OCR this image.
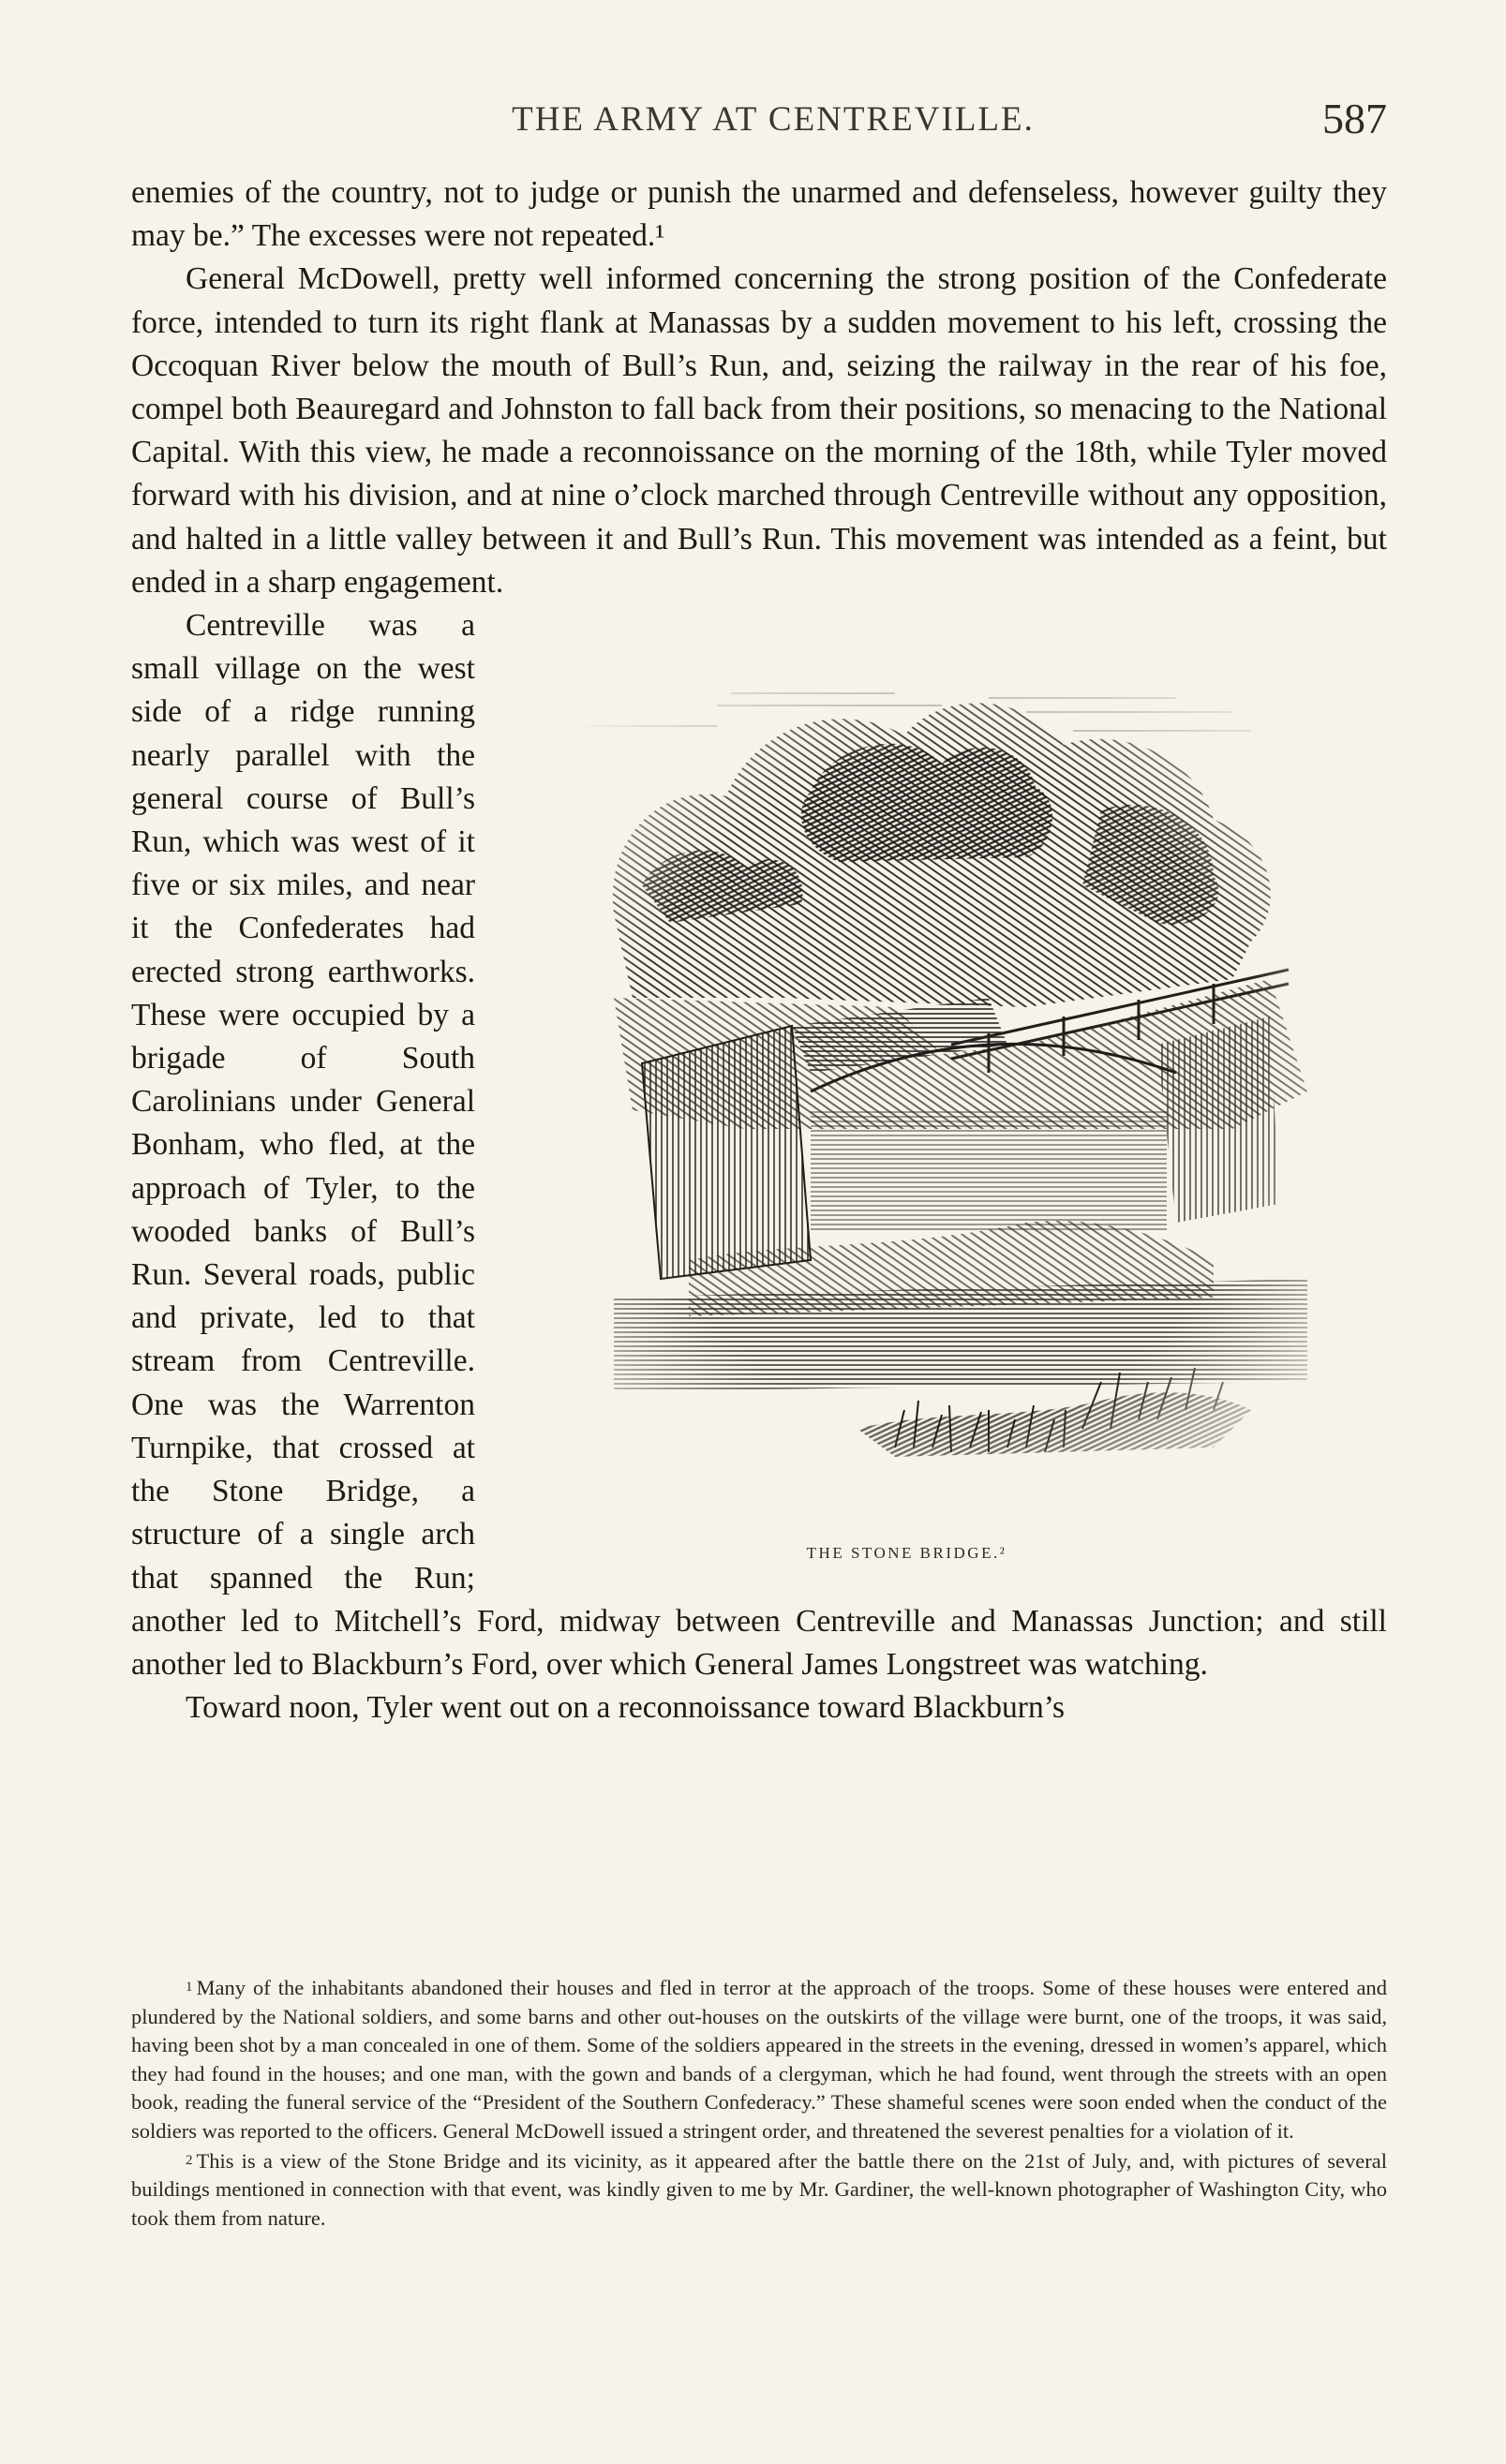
THE ARMY AT CENTREVILLE.	587

enemies of the country, not to judge or punish the unarmed and defenseless, however guilty they may be.” The excesses were not repeated.¹

General McDowell, pretty well informed concerning the strong position of the Confederate force, intended to turn its right flank at Manassas by a sudden movement to his left, crossing the Occoquan River below the mouth of Bull’s Run, and, seizing the railway in the rear of his foe, compel both Beauregard and Johnston to fall back from their positions, so menacing to the National Capital. With this view, he made a reconnoissance on the morning of the 18th, while Tyler moved forward with his division, and at nine o’clock marched through Centreville without any opposition, and halted in a little valley between it and Bull’s Run. This movement was intended as a feint, but ended in a sharp engagement.

THE STONE BRIDGE.²

Centreville was a small village on the west side of a ridge running nearly parallel with the general course of Bull’s Run, which was west of it five or six miles, and near it the Confederates had erected strong earthworks. These were occupied by a brigade of South Carolinians under General Bonham, who fled, at the approach of Tyler, to the wooded banks of Bull’s Run. Several roads, public and private, led to that stream from Centreville. One was the Warrenton Turnpike, that crossed at the Stone Bridge, a structure of a single arch that spanned the Run; another led to Mitchell’s Ford, midway between Centreville and Manassas Junction; and still another led to Blackburn’s Ford, over which General James Longstreet was watching.

Toward noon, Tyler went out on a reconnoissance toward Blackburn’s

1 Many of the inhabitants abandoned their houses and fled in terror at the approach of the troops. Some of these houses were entered and plundered by the National soldiers, and some barns and other out-houses on the outskirts of the village were burnt, one of the troops, it was said, having been shot by a man concealed in one of them. Some of the soldiers appeared in the streets in the evening, dressed in women’s apparel, which they had found in the houses; and one man, with the gown and bands of a clergyman, which he had found, went through the streets with an open book, reading the funeral service of the “President of the Southern Confederacy.” These shameful scenes were soon ended when the conduct of the soldiers was reported to the officers. General McDowell issued a stringent order, and threatened the severest penalties for a violation of it.

2 This is a view of the Stone Bridge and its vicinity, as it appeared after the battle there on the 21st of July, and, with pictures of several buildings mentioned in connection with that event, was kindly given to me by Mr. Gardiner, the well-known photographer of Washington City, who took them from nature.
